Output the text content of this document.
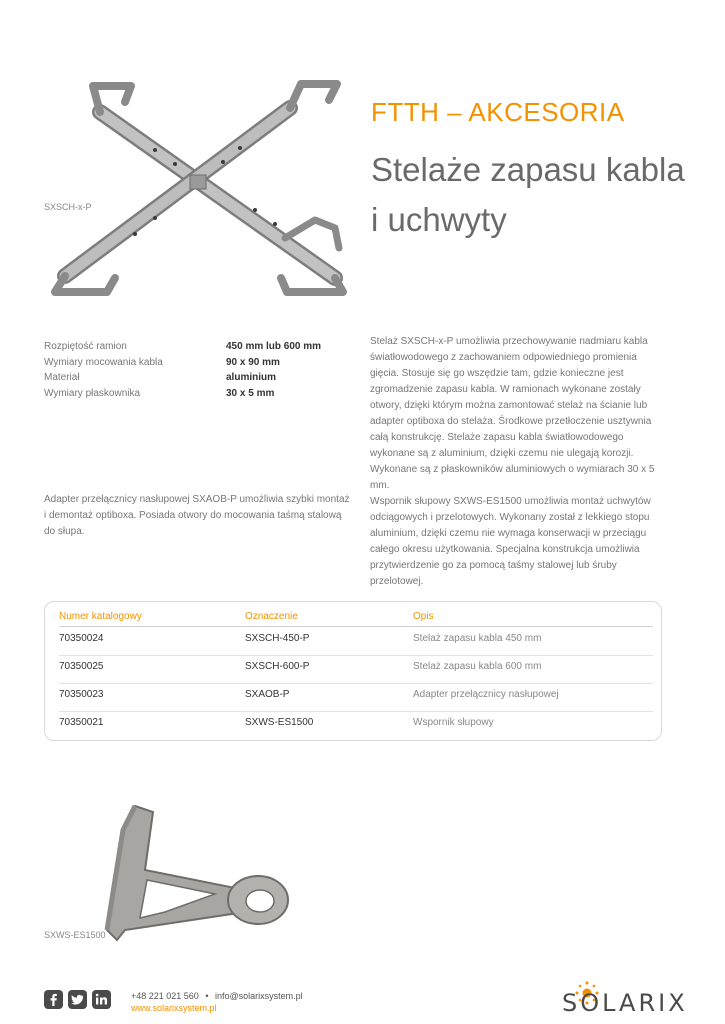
FTTH – AKCESORIA
Stelaże zapasu kabla i uchwyty
SXSCH-x-P
Rozpiętość ramion	450 mm lub 600 mm
Wymiary mocowania kabla	90 x 90 mm
Materiał	aluminium
Wymiary płaskownika	30 x 5 mm
Adapter przełącznicy nasłupowej SXAOB-P umożliwia szybki montaż i demontaż optiboxa. Posiada otwory do mocowania taśmą stalową do słupa.
Stelaż SXSCH-x-P umożliwia przechowywanie nadmiaru kabla światłowodowego z zachowaniem odpowiedniego promienia gięcia. Stosuje się go wszędzie tam, gdzie konieczne jest zgromadzenie zapasu kabla. W ramionach wykonane zostały otwory, dzięki którym można zamontować stelaż na ścianie lub adapter optiboxa do stelaża. Środkowe przetłoczenie usztywnia całą konstrukcję. Stelaże zapasu kabla światłowodowego wykonane są z aluminium, dzięki czemu nie ulegają korozji. Wykonane są z płaskowników aluminiowych o wymiarach 30 x 5 mm.
Wspornik słupowy SXWS-ES1500 umożliwia montaż uchwytów odciągowych i przelotowych. Wykonany został z lekkiego stopu aluminium, dzięki czemu nie wymaga konserwacji w przeciągu całego okresu użytkowania. Specjalna konstrukcja umożliwia przytwierdzenie go za pomocą taśmy stalowej lub śruby przelotowej.
Numer katalogowy	Oznaczenie	Opis
70350024	SXSCH-450-P	Stelaż zapasu kabla 450 mm
70350025	SXSCH-600-P	Stelaż zapasu kabla 600 mm
70350023	SXAOB-P	Adapter przełącznicy nasłupowej
70350021	SXWS-ES1500	Wspornik słupowy
SXWS-ES1500
+48 221 021 560 • info@solarixsystem.pl
www.solarixsystem.pl	SOLARIX
